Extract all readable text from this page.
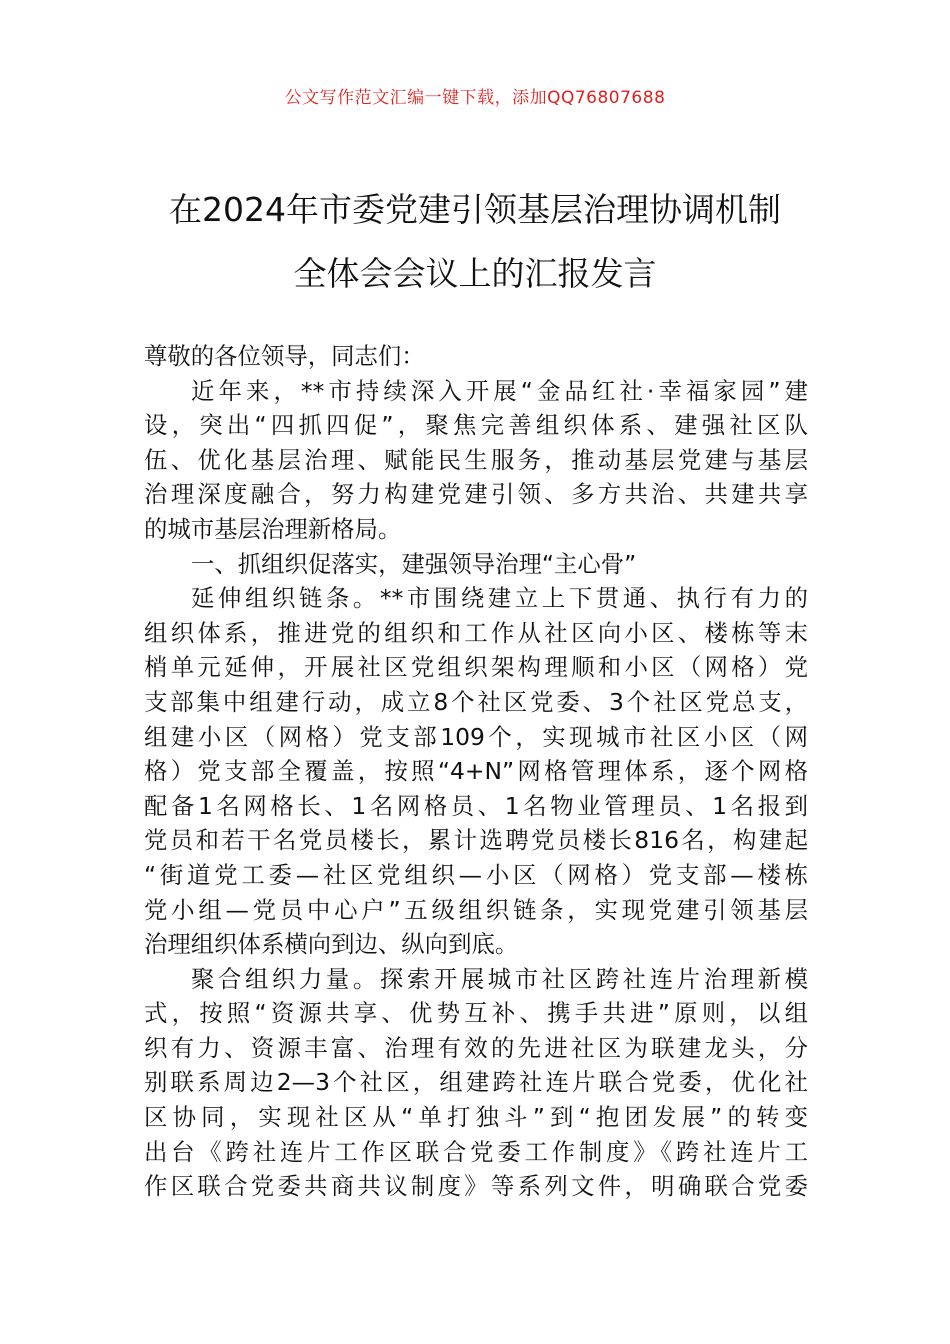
公文写作范文汇编一键下载，添加QQ76807688
在2024年市委党建引领基层治理协调机制
全体会会议上的汇报发言
尊敬的各位领导，同志们：
近年来，**市持续深入开展“金品红社·幸福家园”建
设，突出“四抓四促”，聚焦完善组织体系、建强社区队
伍、优化基层治理、赋能民生服务，推动基层党建与基层
治理深度融合，努力构建党建引领、多方共治、共建共享
的城市基层治理新格局。
一、抓组织促落实，建强领导治理“主心骨”
延伸组织链条。**市围绕建立上下贯通、执行有力的
组织体系，推进党的组织和工作从社区向小区、楼栋等末
梢单元延伸，开展社区党组织架构理顺和小区（网格）党
支部集中组建行动，成立8个社区党委、3个社区党总支，
组建小区（网格）党支部109个，实现城市社区小区（网
格）党支部全覆盖，按照“4+N”网格管理体系，逐个网格
配备1名网格长、1名网格员、1名物业管理员、1名报到
党员和若干名党员楼长，累计选聘党员楼长816名，构建起
“街道党工委—社区党组织—小区（网格）党支部—楼栋
党小组—党员中心户”五级组织链条，实现党建引领基层
治理组织体系横向到边、纵向到底。
聚合组织力量。探索开展城市社区跨社连片治理新模
式，按照“资源共享、优势互补、携手共进”原则，以组
织有力、资源丰富、治理有效的先进社区为联建龙头，分
别联系周边2—3个社区，组建跨社连片联合党委，优化社
区协同，实现社区从“单打独斗”到“抱团发展”的转变
出台《跨社连片工作区联合党委工作制度》《跨社连片工
作区联合党委共商共议制度》等系列文件，明确联合党委
